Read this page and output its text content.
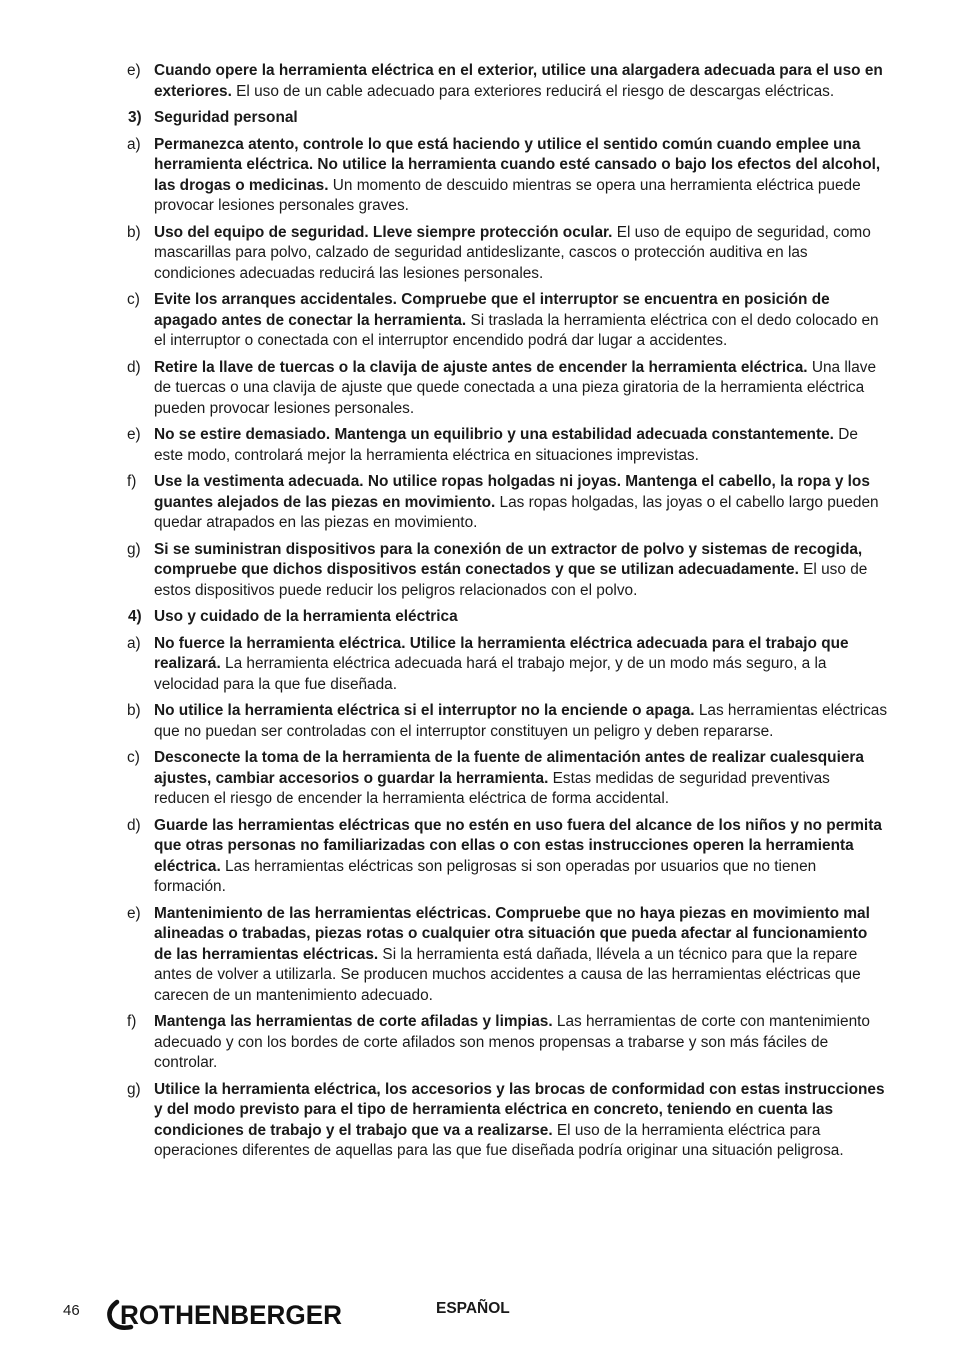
e) Cuando opere la herramienta eléctrica en el exterior, utilice una alargadera adecuada para el uso en exteriores. El uso de un cable adecuado para exteriores reducirá el riesgo de descargas eléctricas.
3) Seguridad personal
a) Permanezca atento, controle lo que está haciendo y utilice el sentido común cuando emplee una herramienta eléctrica. No utilice la herramienta cuando esté cansado o bajo los efectos del alcohol, las drogas o medicinas. Un momento de descuido mientras se opera una herramienta eléctrica puede provocar lesiones personales graves.
b) Uso del equipo de seguridad. Lleve siempre protección ocular. El uso de equipo de seguridad, como mascarillas para polvo, calzado de seguridad antideslizante, cascos o protección auditiva en las condiciones adecuadas reducirá las lesiones personales.
c) Evite los arranques accidentales. Compruebe que el interruptor se encuentra en posición de apagado antes de conectar la herramienta. Si traslada la herramienta eléctrica con el dedo colocado en el interruptor o conectada con el interruptor encendido podrá dar lugar a accidentes.
d) Retire la llave de tuercas o la clavija de ajuste antes de encender la herramienta eléctrica. Una llave de tuercas o una clavija de ajuste que quede conectada a una pieza giratoria de la herramienta eléctrica pueden provocar lesiones personales.
e) No se estire demasiado. Mantenga un equilibrio y una estabilidad adecuada constantemente. De este modo, controlará mejor la herramienta eléctrica en situaciones imprevistas.
f) Use la vestimenta adecuada. No utilice ropas holgadas ni joyas. Mantenga el cabello, la ropa y los guantes alejados de las piezas en movimiento. Las ropas holgadas, las joyas o el cabello largo pueden quedar atrapados en las piezas en movimiento.
g) Si se suministran dispositivos para la conexión de un extractor de polvo y sistemas de recogida, compruebe que dichos dispositivos están conectados y que se utilizan adecuadamente. El uso de estos dispositivos puede reducir los peligros relacionados con el polvo.
4) Uso y cuidado de la herramienta eléctrica
a) No fuerce la herramienta eléctrica. Utilice la herramienta eléctrica adecuada para el trabajo que realizará. La herramienta eléctrica adecuada hará el trabajo mejor, y de un modo más seguro, a la velocidad para la que fue diseñada.
b) No utilice la herramienta eléctrica si el interruptor no la enciende o apaga. Las herramientas eléctricas que no puedan ser controladas con el interruptor constituyen un peligro y deben repararse.
c) Desconecte la toma de la herramienta de la fuente de alimentación antes de realizar cualesquiera ajustes, cambiar accesorios o guardar la herramienta. Estas medidas de seguridad preventivas reducen el riesgo de encender la herramienta eléctrica de forma accidental.
d) Guarde las herramientas eléctricas que no estén en uso fuera del alcance de los niños y no permita que otras personas no familiarizadas con ellas o con estas instrucciones operen la herramienta eléctrica. Las herramientas eléctricas son peligrosas si son operadas por usuarios que no tienen formación.
e) Mantenimiento de las herramientas eléctricas. Compruebe que no haya piezas en movimiento mal alineadas o trabadas, piezas rotas o cualquier otra situación que pueda afectar al funcionamiento de las herramientas eléctricas. Si la herramienta está dañada, llévela a un técnico para que la repare antes de volver a utilizarla. Se producen muchos accidentes a causa de las herramientas eléctricas que carecen de un mantenimiento adecuado.
f) Mantenga las herramientas de corte afiladas y limpias. Las herramientas de corte con mantenimiento adecuado y con los bordes de corte afilados son menos propensas a trabarse y son más fáciles de controlar.
g) Utilice la herramienta eléctrica, los accesorios y las brocas de conformidad con estas instrucciones y del modo previsto para el tipo de herramienta eléctrica en concreto, teniendo en cuenta las condiciones de trabajo y el trabajo que va a realizarse. El uso de la herramienta eléctrica para operaciones diferentes de aquellas para las que fue diseñada podría originar una situación peligrosa.
46 ROTHENBERGER	ESPAÑOL
